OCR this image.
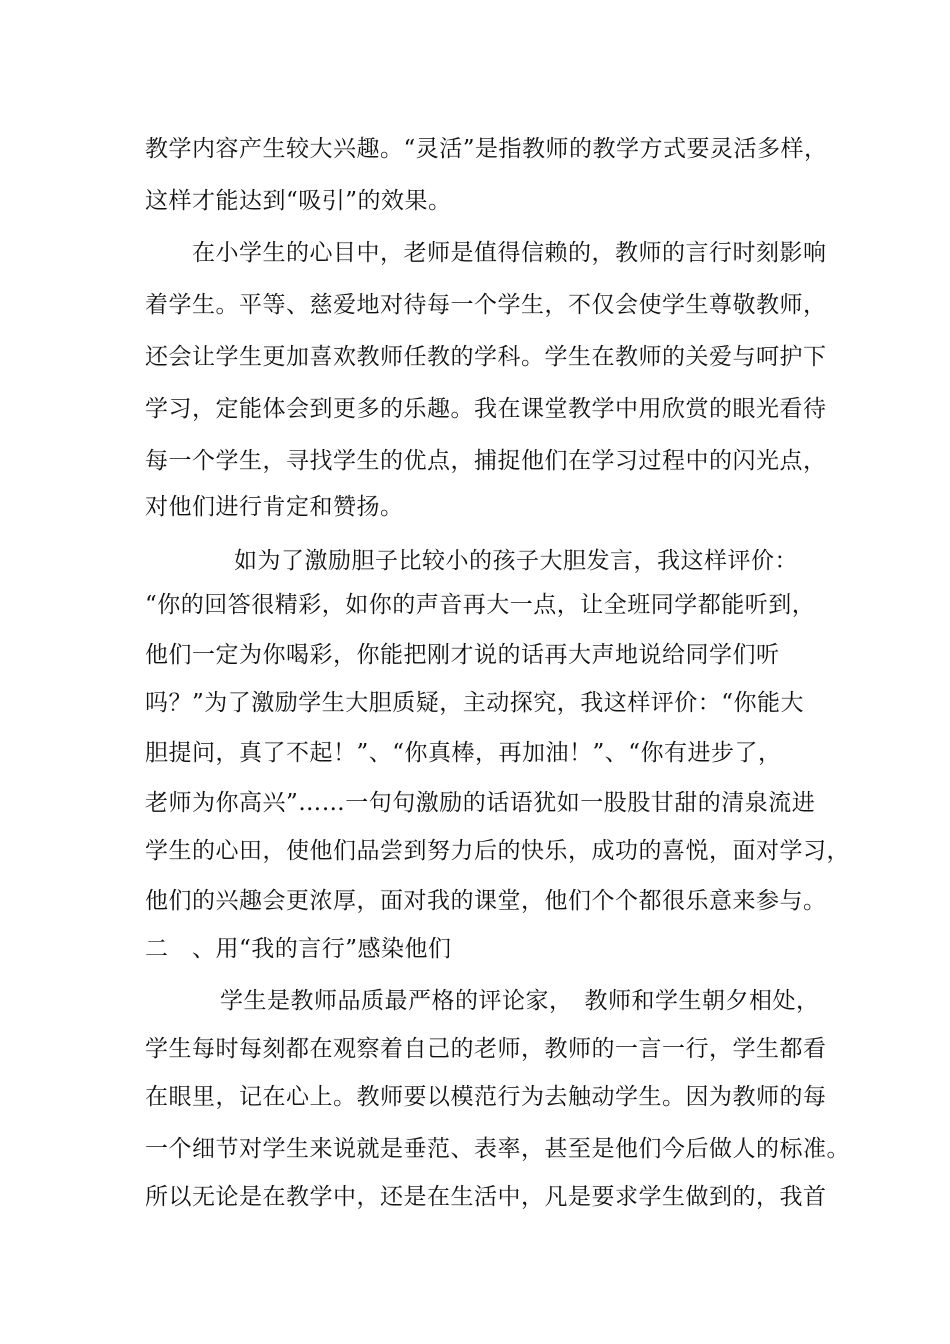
教学内容产生较大兴趣。“灵活”是指教师的教学方式要灵活多样，
这样才能达到“吸引”的效果。
在小学生的心目中，老师是值得信赖的，教师的言行时刻影响
着学生。平等、慈爱地对待每一个学生，不仅会使学生尊敬教师，
还会让学生更加喜欢教师任教的学科。学生在教师的关爱与呵护下
学习，定能体会到更多的乐趣。我在课堂教学中用欣赏的眼光看待
每一个学生，寻找学生的优点，捕捉他们在学习过程中的闪光点，
对他们进行肯定和赞扬。
如为了激励胆子比较小的孩子大胆发言，我这样评价：
“你的回答很精彩，如你的声音再大一点，让全班同学都能听到，
他们一定为你喝彩，你能把刚才说的话再大声地说给同学们听
吗？”为了激励学生大胆质疑，主动探究，我这样评价：“你能大
胆提问，真了不起！”、“你真棒，再加油！”、“你有进步了，
老师为你高兴”……一句句激励的话语犹如一股股甘甜的清泉流进
学生的心田，使他们品尝到努力后的快乐，成功的喜悦，面对学习，
他们的兴趣会更浓厚，面对我的课堂，他们个个都很乐意来参与。
二　、用“我的言行”感染他们
学生是教师品质最严格的评论家，　教师和学生朝夕相处，
学生每时每刻都在观察着自己的老师，教师的一言一行，学生都看
在眼里，记在心上。教师要以模范行为去触动学生。因为教师的每
一个细节对学生来说就是垂范、表率，甚至是他们今后做人的标准。
所以无论是在教学中，还是在生活中，凡是要求学生做到的，我首
